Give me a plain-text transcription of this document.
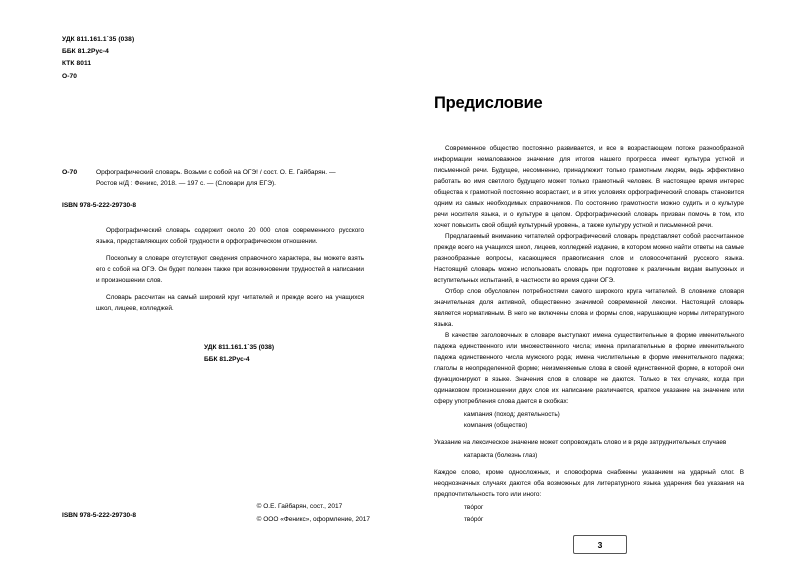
УДК 811.161.1`35 (038)
ББК 81.2Рус-4
КТК 8011
О-70
О-70	Орфографический словарь. Возьми с собой на ОГЭ! / сост. О. Е. Гайбарян. —
Ростов н/Д : Феникс, 2018. — 197 с. — (Словари для ЕГЭ).
ISBN 978-5-222-29730-8

Орфографический словарь содержит около 20 000 слов современного русского языка, представляющих собой трудности в орфографическом отношении.

Поскольку в словаре отсутствуют сведения справочного характера, вы можете взять его с собой на ОГЭ. Он будет полезен также при возникновении трудностей в написании и произношении слов.

Словарь рассчитан на самый широкий круг читателей и прежде всего на учащихся школ, лицеев, колледжей.

УДК 811.161.1`35 (038)
ББК 81.2Рус-4
ISBN 978-5-222-29730-8
© О.Е. Гайбарян, сост., 2017
© ООО «Феникс», оформление, 2017
Предисловие

Современное общество постоянно развивается, и все в возрастающем потоке разнообразной информации немаловажное значение для итогов нашего прогресса имеет культура устной и письменной речи. Будущее, несомненно, принадлежит только грамотным людям, ведь эффективно работать во имя светлого будущего может только грамотный человек. В настоящее время интерес общества к грамотной постоянно возрастает, и в этих условиях орфографический словарь становится одним из самых необходимых справочников. По состоянию грамотности можно судить и о культуре речи носителя языка, и о культуре в целом. Орфографический словарь призван помочь в том, кто хочет повысить свой общий культурный уровень, а также культуру устной и письменной речи.

Предлагаемый вниманию читателей орфографический словарь представляет собой рассчитанное прежде всего на учащихся школ, лицеев, колледжей издание, в котором можно найти ответы на самые разнообразные вопросы, касающиеся правописания слов и словосочетаний русского языка. Настоящий словарь можно использовать словарь при подготовке к различным видам выпускных и вступительных испытаний, в частности во время сдачи ОГЭ.

Отбор слов обусловлен потребностями самого широкого круга читателей. В словнике словаря значительная доля активной, общественно значимой современной лексики. Настоящий словарь является нормативным. В него не включены слова и формы слов, нарушающие нормы литературного языка.

В качестве заголовочных в словаре выступают имена существительные в форме именительного падежа единственного или множественного числа; имена прилагательные в форме именительного падежа единственного числа мужского рода; имена числительные в форме именительного падежа; глаголы в неопределенной форме; неизменяемые слова в своей единственной форме, в которой они функционируют в языке. Значения слов в словаре не даются. Только в тех случаях, когда при одинаковом произношении двух слов их написание различается, краткое указание на значение или сферу употребления слова дается в скобках:

кампания (поход; деятельность)
компания (общество)

Указание на лексическое значение может сопровождать слово и в ряде затруднительных случаев

катаракта (болезнь глаз)

Каждое слово, кроме односложных, и словоформа снабжены указанием на ударный слог. В неоднозначных случаях даются оба возможных для литературного языка ударения без указания на предпочтительность того или иного:

твóрог
твóрóг
3
